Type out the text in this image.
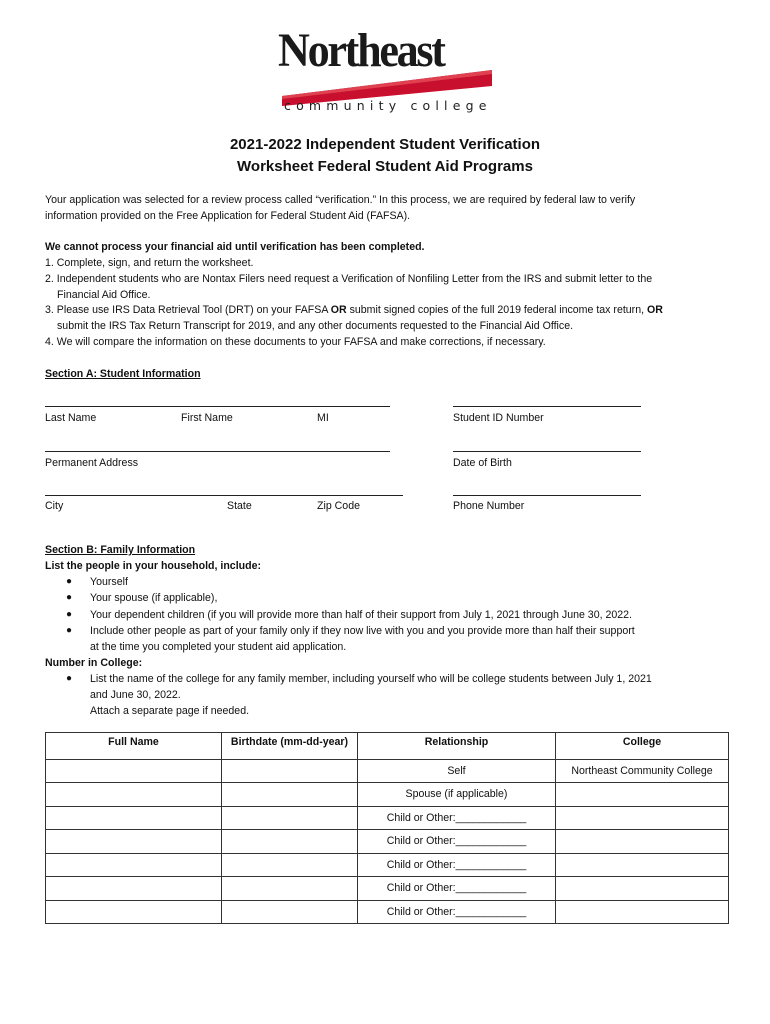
Northeast
community college
2021-2022 Independent Student Verification
Worksheet Federal Student Aid Programs
Your application was selected for a review process called “verification.” In this process, we are required by federal law to verify
information provided on the Free Application for Federal Student Aid (FAFSA).
We cannot process your financial aid until verification has been completed.
1. Complete, sign, and return the worksheet.
2. Independent students who are Nontax Filers need request a Verification of Nonfiling Letter from the IRS and submit letter to the
Financial Aid Office.
3. Please use IRS Data Retrieval Tool (DRT) on your FAFSA OR submit signed copies of the full 2019 federal income tax return, OR
submit the IRS Tax Return Transcript for 2019, and any other documents requested to the Financial Aid Office.
4. We will compare the information on these documents to your FAFSA and make corrections, if necessary.
Section A: Student Information
Last Name	First Name	MI	Student ID Number
Permanent Address	Date of Birth
City	State	Zip Code	Phone Number
Section B: Family Information
List the people in your household, include:
● Yourself
● Your spouse (if applicable),
● Your dependent children (if you will provide more than half of their support from July 1, 2021 through June 30, 2022.
● Include other people as part of your family only if they now live with you and you provide more than half their support
at the time you completed your student aid application.
Number in College:
● List the name of the college for any family member, including yourself who will be college students between July 1, 2021
and June 30, 2022.
Attach a separate page if needed.
Full Name	Birthdate (mm-dd-year)	Relationship	College
		Self	Northeast Community College
		Spouse (if applicable)	
		Child or Other:____________	
		Child or Other:____________	
		Child or Other:____________	
		Child or Other:____________	
		Child or Other:____________	
